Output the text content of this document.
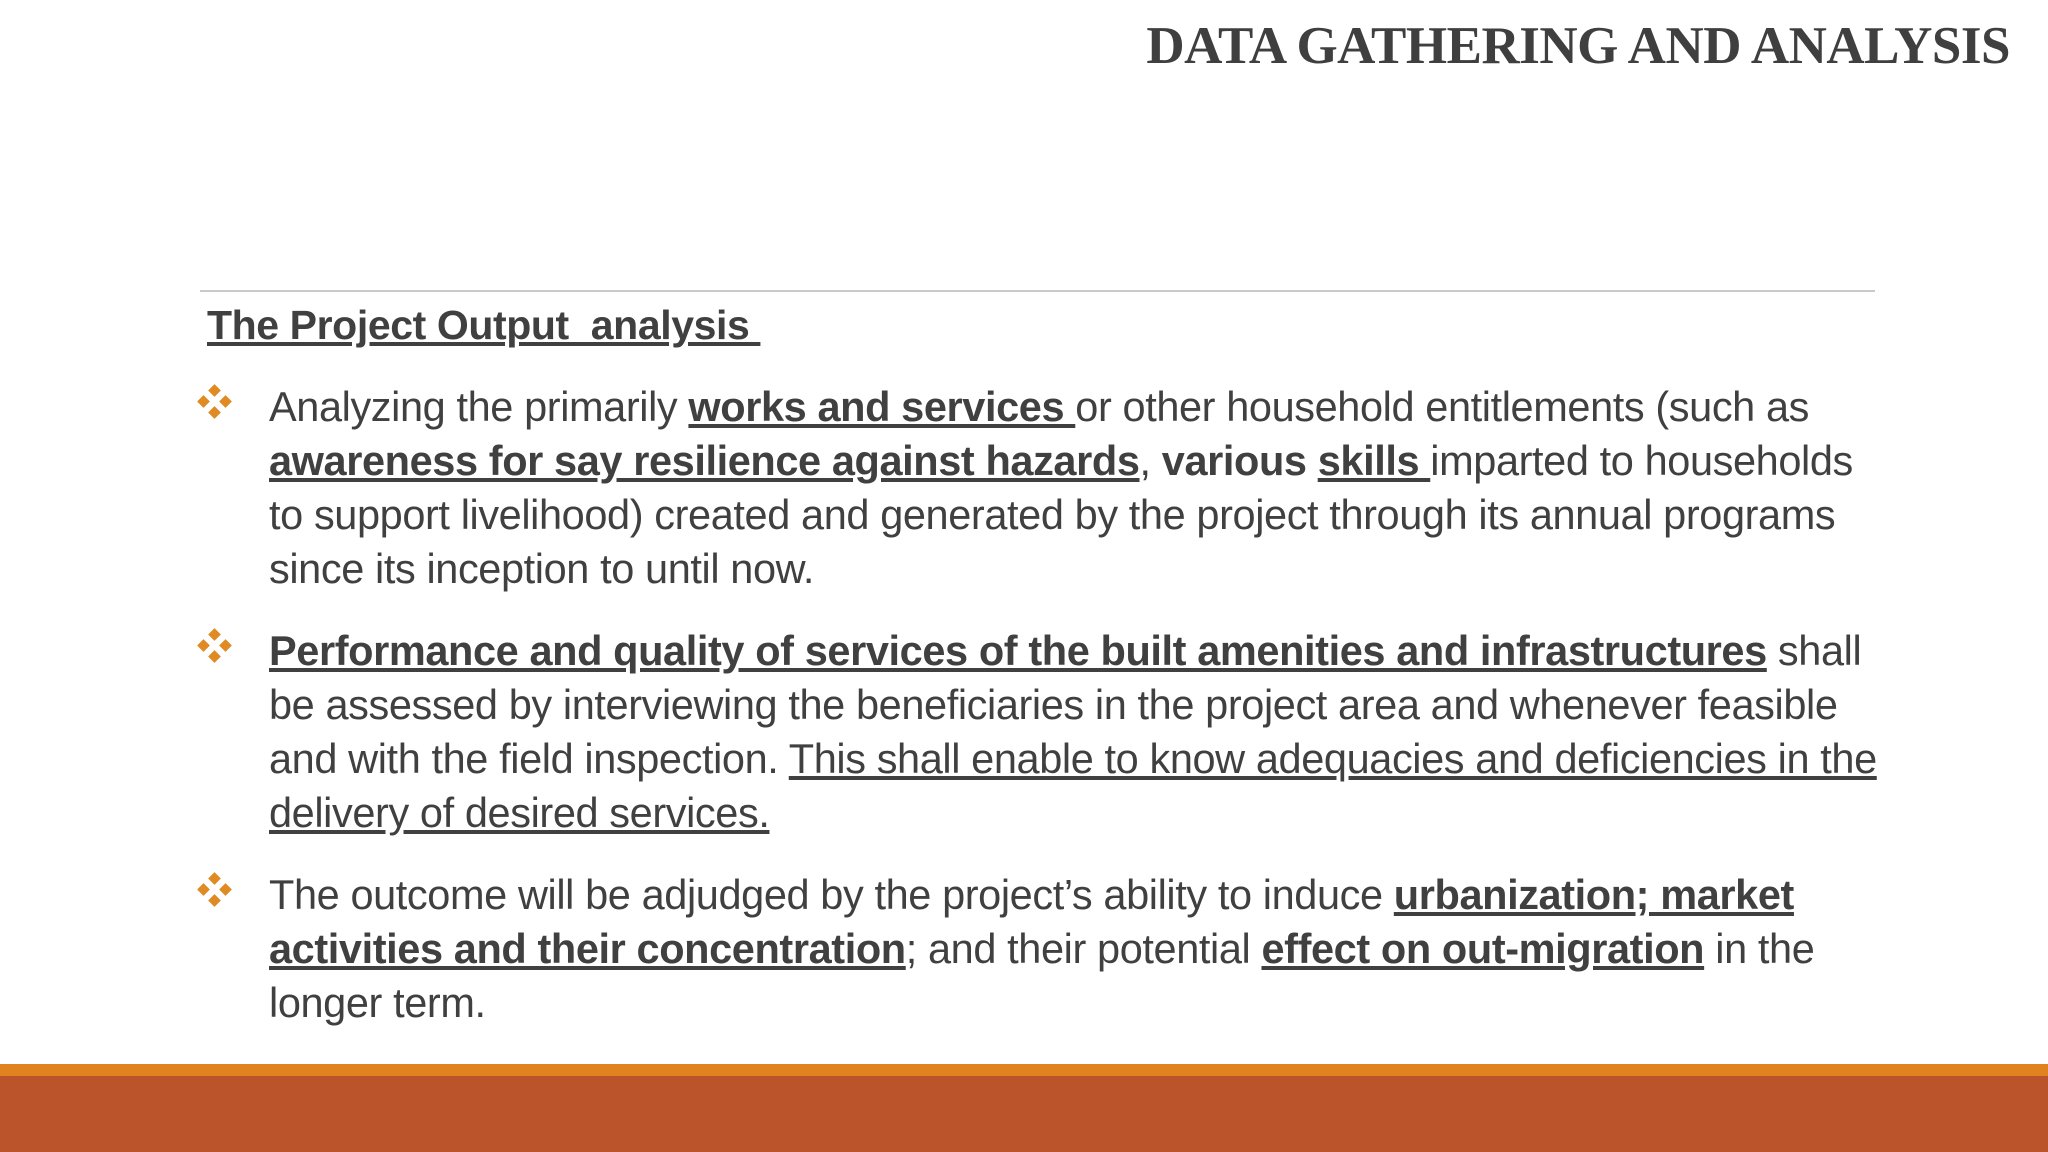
DATA GATHERING AND ANALYSIS
The Project Output  analysis
Analyzing the primarily works and services or other household entitlements (such as awareness for say resilience against hazards, various skills imparted to households to support livelihood) created and generated by the project through its annual programs since its inception to until now.
Performance and quality of services of the built amenities and infrastructures shall be assessed by interviewing the beneficiaries in the project area and whenever feasible and with the field inspection. This shall enable to know adequacies and deficiencies in the delivery of desired services.
The outcome will be adjudged by the project’s ability to induce urbanization; market activities and their concentration; and their potential effect on out-migration in the longer term.
